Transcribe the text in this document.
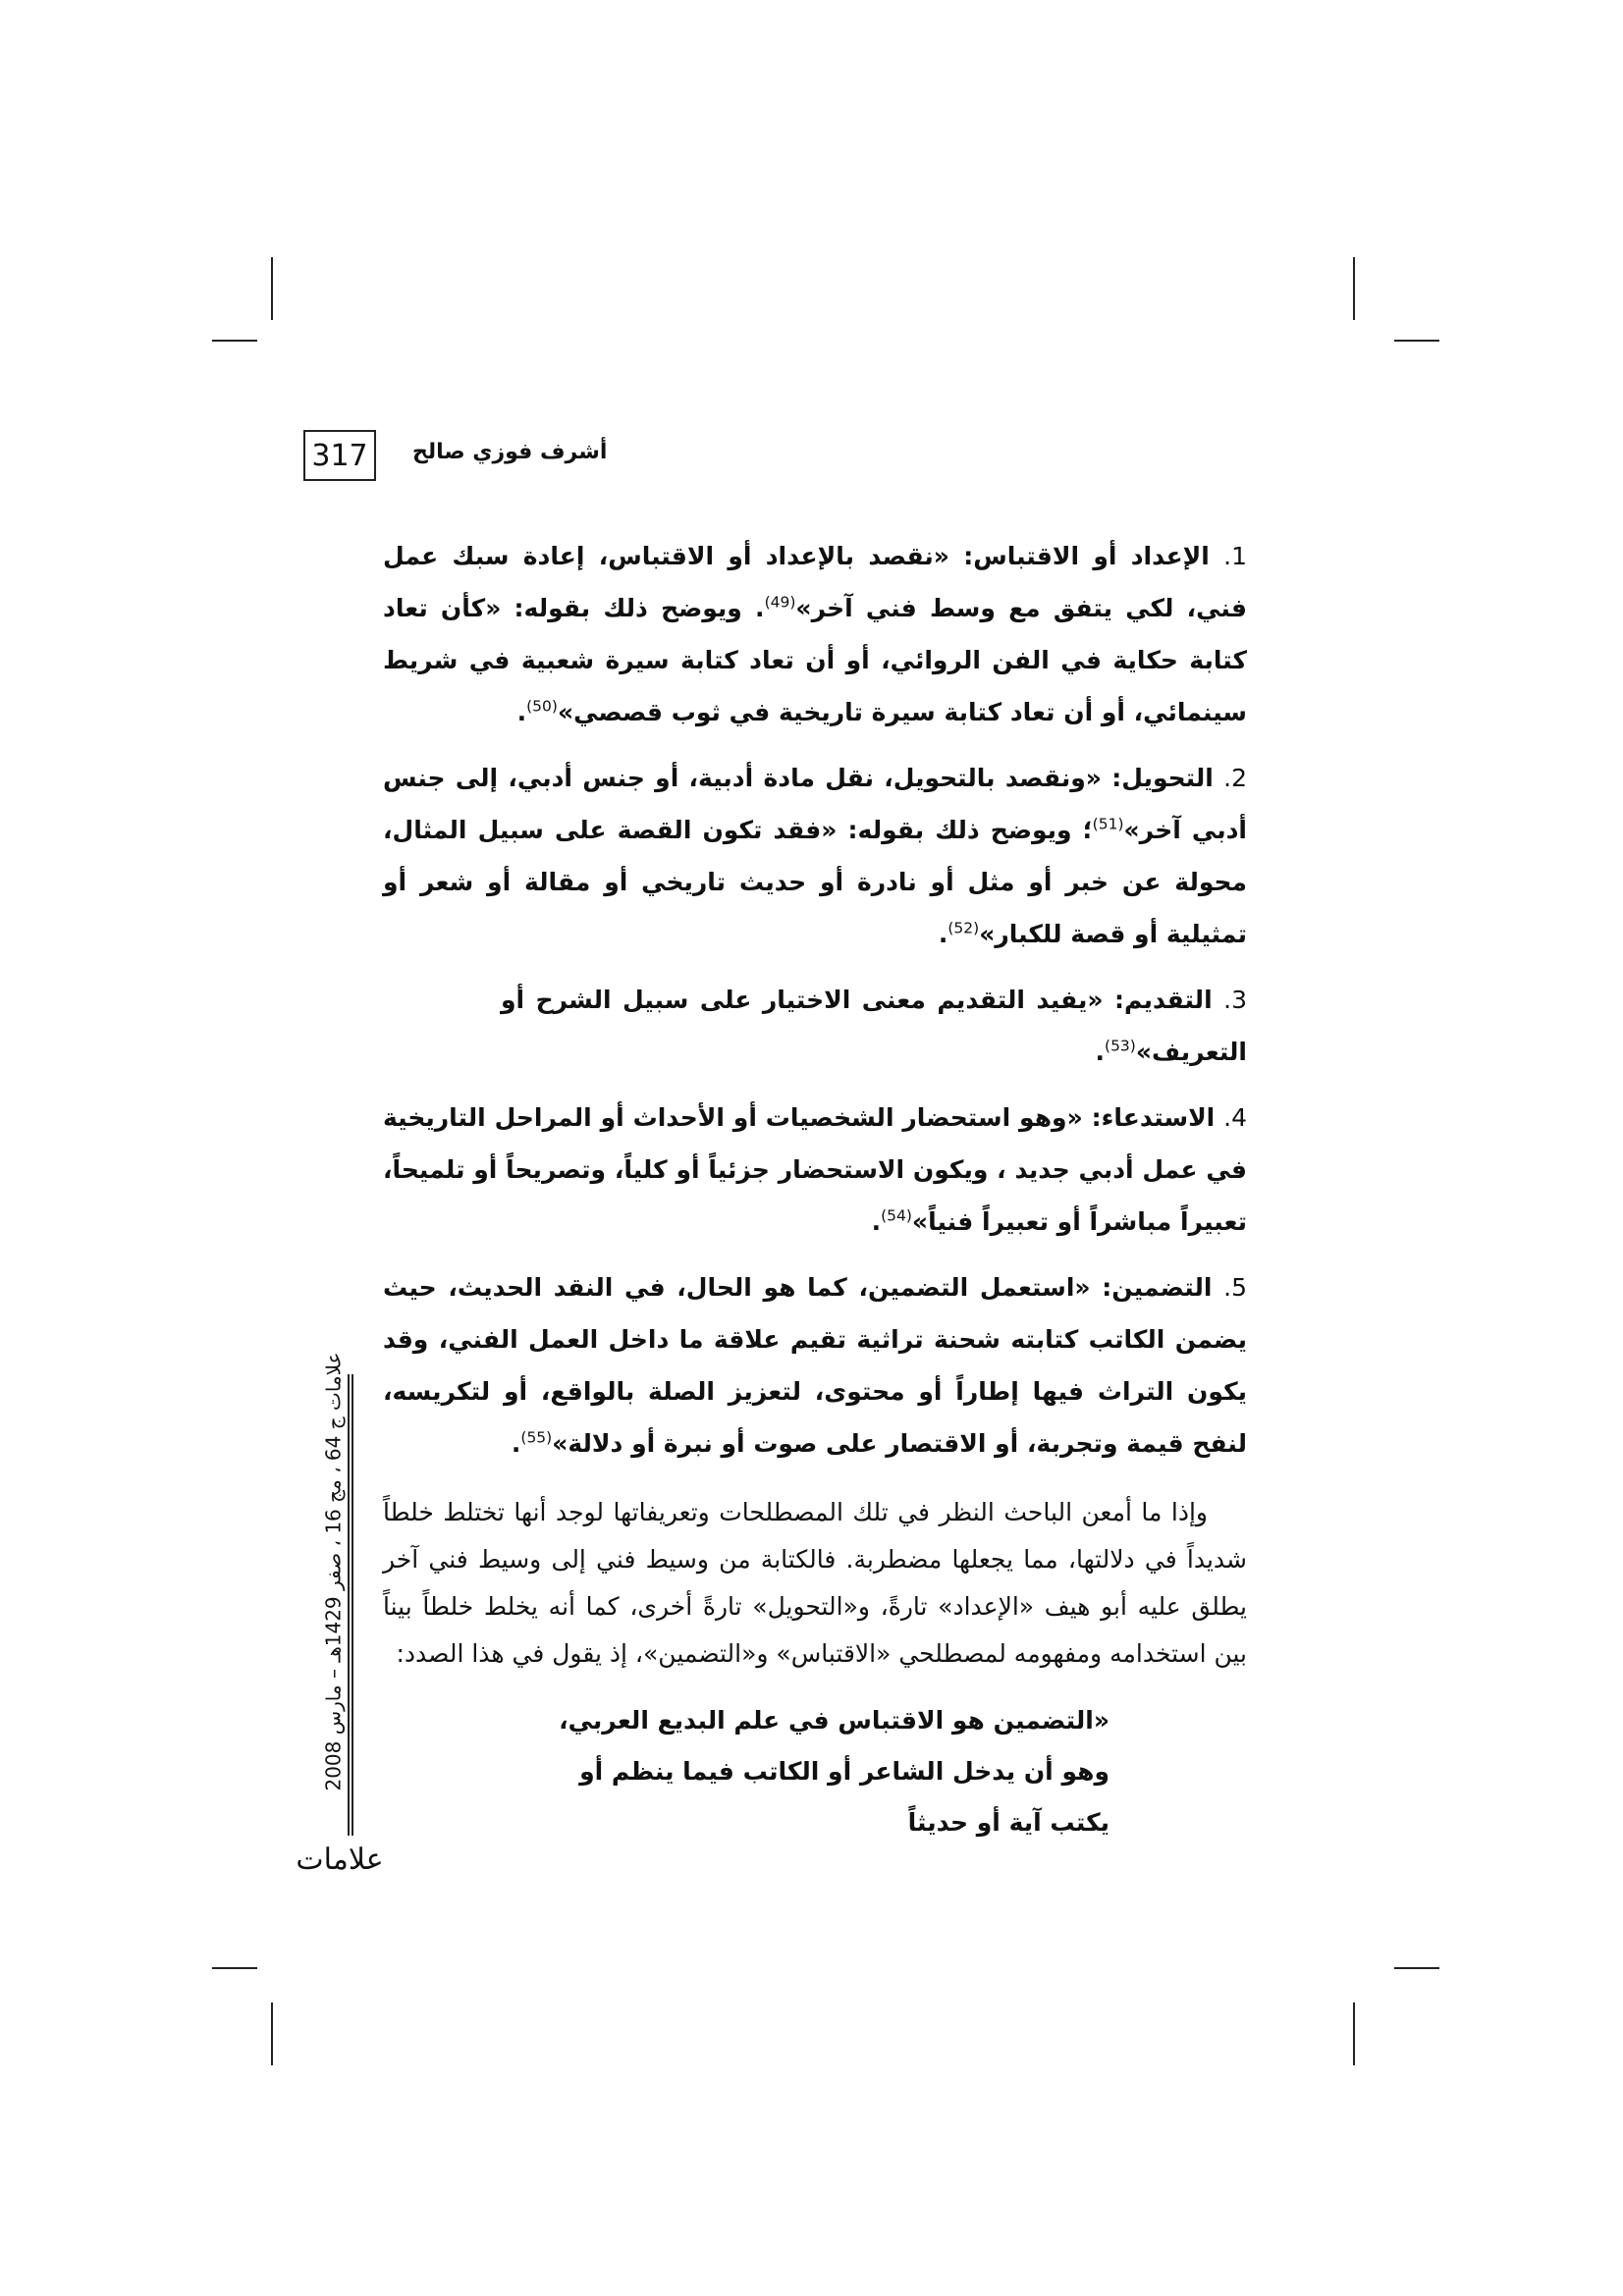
317	أشرف فوزي صالح
1. الإعداد أو الاقتباس: «نقصد بالإعداد أو الاقتباس، إعادة سبك عمل فني، لكي يتفق مع وسط فني آخر»$^{(49)}$. ويوضح ذلك بقوله: «كأن تعاد كتابة حكاية في الفن الروائي، أو أن تعاد كتابة سيرة شعبية في شريط سينمائي، أو أن تعاد كتابة سيرة تاريخية في ثوب قصصي»$^{(50)}$.
2. التحويل: «ونقصد بالتحويل، نقل مادة أدبية، أو جنس أدبي، إلى جنس أدبي آخر»$^{(51)}$؛ ويوضح ذلك بقوله: «فقد تكون القصة على سبيل المثال، محولة عن خبر أو مثل أو نادرة أو حديث تاريخي أو مقالة أو شعر أو تمثيلية أو قصة للكبار»$^{(52)}$.
3. التقديم: «يفيد التقديم معنى الاختيار على سبيل الشرح أو التعريف»$^{(53)}$.
4. الاستدعاء: «وهو استحضار الشخصيات أو الأحداث أو المراحل التاريخية في عمل أدبي جديد ، ويكون الاستحضار جزئياً أو كلياً، وتصريحاً أو تلميحاً، تعبيراً مباشراً أو تعبيراً فنياً»$^{(54)}$.
5. التضمين: «استعمل التضمين، كما هو الحال، في النقد الحديث، حيث يضمن الكاتب كتابته شحنة تراثية تقيم علاقة ما داخل العمل الفني، وقد يكون التراث فيها إطاراً أو محتوى، لتعزيز الصلة بالواقع، أو لتكريسه، لنفح قيمة وتجربة، أو الاقتصار على صوت أو نبرة أو دلالة»$^{(55)}$.
وإذا ما أمعن الباحث النظر في تلك المصطلحات وتعريفاتها لوجد أنها تختلط خلطاً شديداً في دلالتها، مما يجعلها مضطربة. فالكتابة من وسيط فني إلى وسيط فني آخر يطلق عليه أبو هيف «الإعداد» تارةً، و«التحويل» تارةً أخرى، كما أنه يخلط خلطاً بيناً بين استخدامه ومفهومه لمصطلحي «الاقتباس» و«التضمين»، إذ يقول في هذا الصدد:
«التضمين هو الاقتباس في علم البديع العربي، وهو أن يدخل الشاعر أو الكاتب فيما ينظم أو يكتب آية أو حديثاً
علامات ج 64 ، مج 16 ، صفر 1429هـ – مارس 2008
علامات
